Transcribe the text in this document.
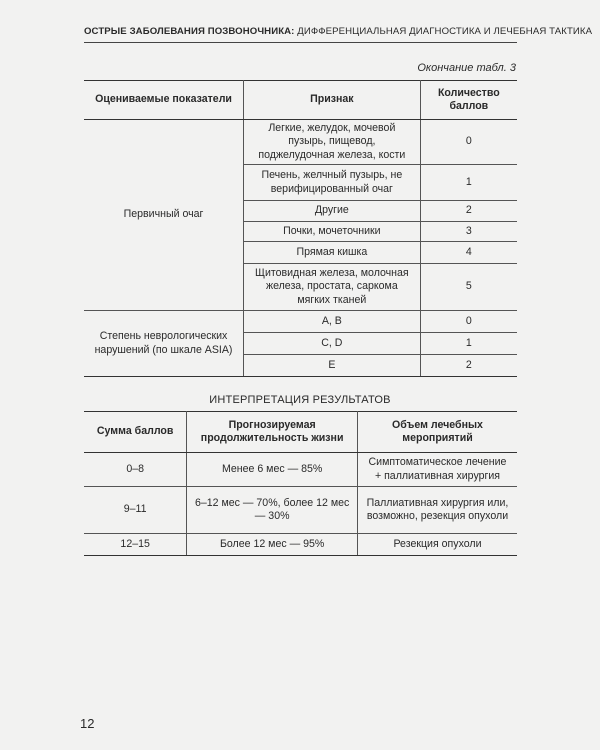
ОСТРЫЕ ЗАБОЛЕВАНИЯ ПОЗВОНОЧНИКА: ДИФФЕРЕНЦИАЛЬНАЯ ДИАГНОСТИКА И ЛЕЧЕБНАЯ ТАКТИКА
Окончание табл. 3
Оцениваемые показатели	Признак	Количество баллов
Первичный очаг	Легкие, желудок, мочевой пузырь, пищевод, поджелудочная железа, кости	0
	Печень, желчный пузырь, не верифицированный очаг	1
	Другие	2
	Почки, мочеточники	3
	Прямая кишка	4
	Щитовидная железа, молочная железа, простата, саркома мягких тканей	5
Степень неврологических нарушений (по шкале ASIA)	A, B	0
	C, D	1
	E	2
ИНТЕРПРЕТАЦИЯ РЕЗУЛЬТАТОВ
Сумма баллов	Прогнозируемая продолжительность жизни	Объем лечебных мероприятий
0–8	Менее 6 мес — 85%	Симптоматическое лечение + паллиативная хирургия
9–11	6–12 мес — 70%, более 12 мес — 30%	Паллиативная хирургия или, возможно, резекция опухоли
12–15	Более 12 мес — 95%	Резекция опухоли
12
